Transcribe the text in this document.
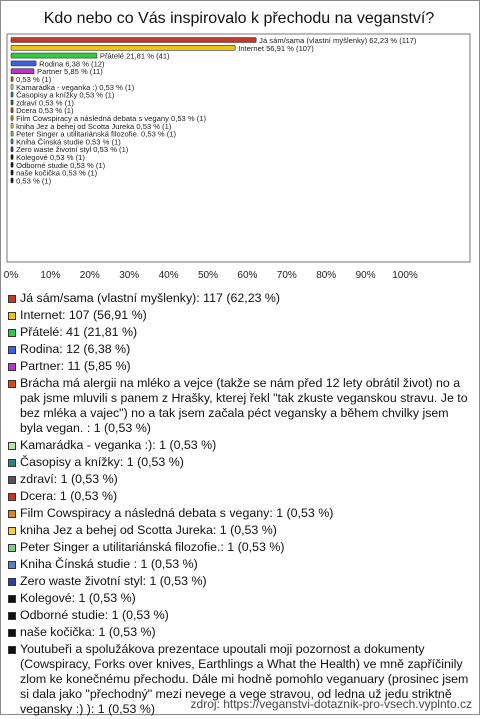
Kdo nebo co Vás inspirovalo k přechodu na veganství?
0% 10% 20% 30% 40% 50% 60% 70% 80% 90% 100%
Já sám/sama (vlastní myšlenky) 62,23 % (117)
Internet 56,91 % (107)
Přátelé 21,81 % (41)
Rodina 6,38 % (12)
Partner 5,85 % (11)
0,53 % (1)
Kamarádka - veganka :) 0,53 % (1)
Časopisy a knížky 0,53 % (1)
zdraví 0,53 % (1)
Dcera 0,53 % (1)
Film Cowspiracy a následná debata s vegany 0,53 % (1)
kniha Jez a behej od Scotta Jureka 0,53 % (1)
Peter Singer a utilitariánská filozofie. 0,53 % (1)
Kniha Čínská studie 0,53 % (1)
Zero waste životní styl 0,53 % (1)
Kolegové 0,53 % (1)
Odborné studie 0,53 % (1)
naše kočička 0,53 % (1)
0,53 % (1)
Já sám/sama (vlastní myšlenky): 117 (62,23 %)
Internet: 107 (56,91 %)
Přátelé: 41 (21,81 %)
Rodina: 12 (6,38 %)
Partner: 11 (5,85 %)
Brácha má alergii na mléko a vejce (takže se nám před 12 lety obrátil život) no a pak jsme mluvili s panem z Hrašky, kterej řekl "tak zkuste veganskou stravu. Je to bez mléka a vajec") no a tak jsem začala péct vegansky a během chvilky jsem byla vegan. : 1 (0,53 %)
Kamarádka - veganka :): 1 (0,53 %)
Časopisy a knížky: 1 (0,53 %)
zdraví: 1 (0,53 %)
Dcera: 1 (0,53 %)
Film Cowspiracy a následná debata s vegany: 1 (0,53 %)
kniha Jez a behej od Scotta Jureka: 1 (0,53 %)
Peter Singer a utilitariánská filozofie.: 1 (0,53 %)
Kniha Čínská studie : 1 (0,53 %)
Zero waste životní styl: 1 (0,53 %)
Kolegové: 1 (0,53 %)
Odborné studie: 1 (0,53 %)
naše kočička: 1 (0,53 %)
Youtubeři a spolužákova prezentace upoutali moji pozornost a dokumenty (Cowspiracy, Forks over knives, Earthlings a What the Health) ve mně zapříčinily zlom ke konečnému přechodu. Dále mi hodně pomohlo veganuary (prosinec jsem si dala jako "přechodný" mezi nevege a vege stravou, od ledna už jedu striktně vegansky :) ): 1 (0,53 %)	zdroj: https://veganstvi-dotaznik-pro-vsech.vyplnto.cz
